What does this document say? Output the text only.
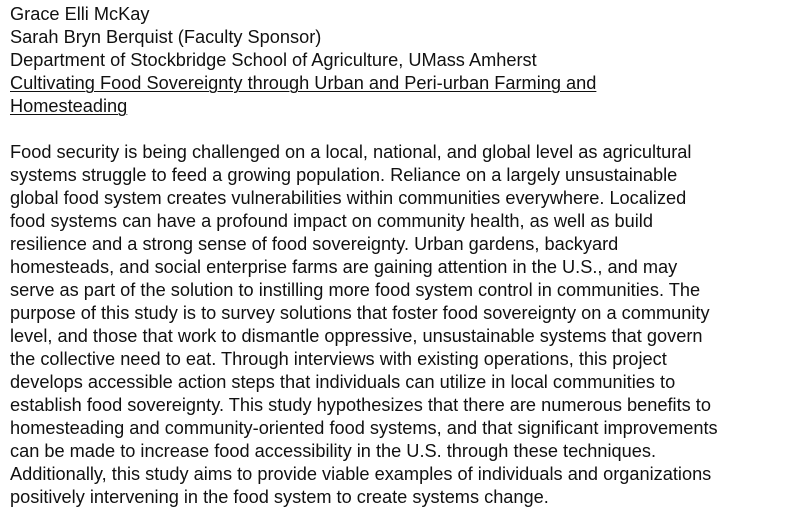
Grace Elli McKay
Sarah Bryn Berquist (Faculty Sponsor)
Department of Stockbridge School of Agriculture, UMass Amherst
Cultivating Food Sovereignty through Urban and Peri-urban Farming and
Homesteading
Food security is being challenged on a local, national, and global level as agricultural
systems struggle to feed a growing population. Reliance on a largely unsustainable
global food system creates vulnerabilities within communities everywhere. Localized
food systems can have a profound impact on community health, as well as build
resilience and a strong sense of food sovereignty. Urban gardens, backyard
homesteads, and social enterprise farms are gaining attention in the U.S., and may
serve as part of the solution to instilling more food system control in communities. The
purpose of this study is to survey solutions that foster food sovereignty on a community
level, and those that work to dismantle oppressive, unsustainable systems that govern
the collective need to eat. Through interviews with existing operations, this project
develops accessible action steps that individuals can utilize in local communities to
establish food sovereignty. This study hypothesizes that there are numerous benefits to
homesteading and community-oriented food systems, and that significant improvements
can be made to increase food accessibility in the U.S. through these techniques.
Additionally, this study aims to provide viable examples of individuals and organizations
positively intervening in the food system to create systems change.
